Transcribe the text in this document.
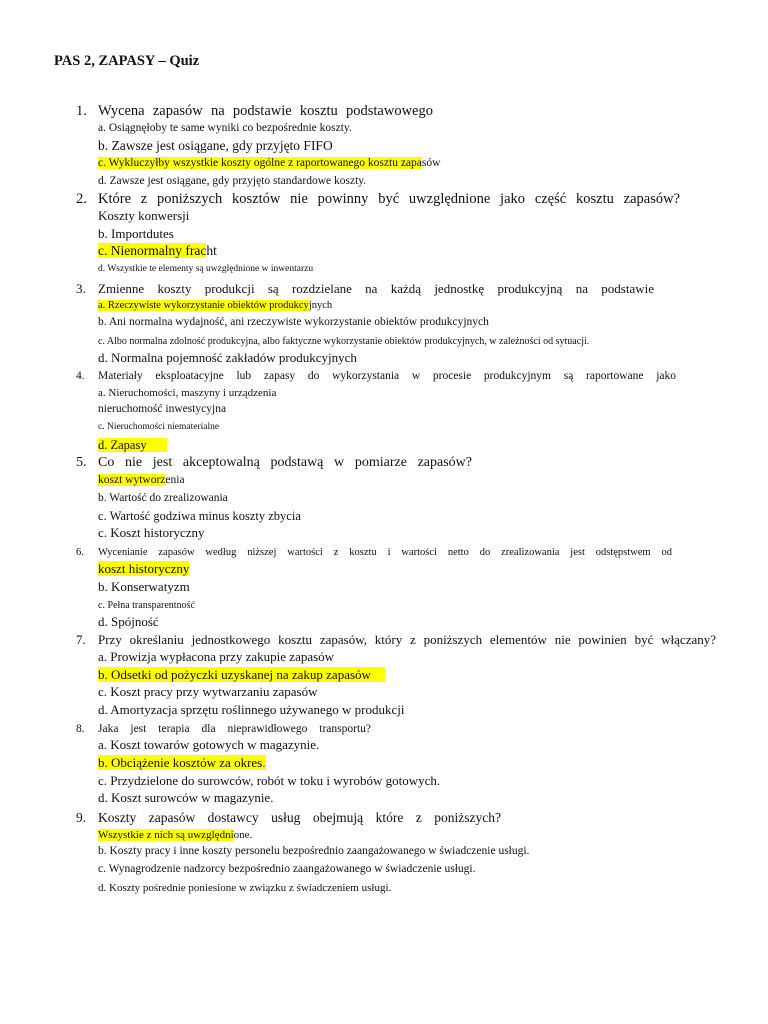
PAS 2, ZAPASY – Quiz
1. Wycena zapasów na podstawie kosztu podstawowego
a. Osiągnęłoby te same wyniki co bezpośrednie koszty.
b. Zawsze jest osiągane, gdy przyjęto FIFO
c. Wykluczyłby wszystkie koszty ogólne z raportowanego kosztu zapasów
d. Zawsze jest osiągane, gdy przyjęto standardowe koszty.
2. Które z poniższych kosztów nie powinny być uwzględnione jako część kosztu zapasów?
Koszty konwersji
b. Importdutes
c. Nienormalny fracht
d. Wszystkie te elementy są uwzględnione w inwentarzu
3. Zmienne koszty produkcji są rozdzielane na każdą jednostkę produkcyjną na podstawie
a. Rzeczywiste wykorzystanie obiektów produkcyjnych
b. Ani normalna wydajność, ani rzeczywiste wykorzystanie obiektów produkcyjnych
c. Albo normalna zdolność produkcyjna, albo faktyczne wykorzystanie obiektów produkcyjnych, w zależności od sytuacji.
d. Normalna pojemność zakładów produkcyjnych
4. Materiały eksploatacyjne lub zapasy do wykorzystania w procesie produkcyjnym są raportowane jako
a. Nieruchomości, maszyny i urządzenia
nieruchomość inwestycyjna
c. Nieruchomości niematerialne
d. Zapasy
5. Co nie jest akceptowalną podstawą w pomiarze zapasów?
koszt wytworzenia
b. Wartość do zrealizowania
c. Wartość godziwa minus koszty zbycia
c. Koszt historyczny
6. Wycenianie zapasów według niższej wartości z kosztu i wartości netto do zrealizowania jest odstępstwem od
koszt historyczny
b. Konserwatyzm
c. Pełna transparentność
d. Spójność
7. Przy określaniu jednostkowego kosztu zapasów, który z poniższych elementów nie powinien być włączany?
a. Prowizja wypłacona przy zakupie zapasów
b. Odsetki od pożyczki uzyskanej na zakup zapasów
c. Koszt pracy przy wytwarzaniu zapasów
d. Amortyzacja sprzętu roślinnego używanego w produkcji
8. Jaka jest terapia dla nieprawidłowego transportu?
a. Koszt towarów gotowych w magazynie.
b. Obciążenie kosztów za okres.
c. Przydzielone do surowców, robót w toku i wyrobów gotowych.
d. Koszt surowców w magazynie.
9. Koszty zapasów dostawcy usług obejmują które z poniższych?
Wszystkie z nich są uwzględnione.
b. Koszty pracy i inne koszty personelu bezpośrednio zaangażowanego w świadczenie usługi.
c. Wynagrodzenie nadzorcy bezpośrednio zaangażowanego w świadczenie usługi.
d. Koszty pośrednie poniesione w związku z świadczeniem usługi.
